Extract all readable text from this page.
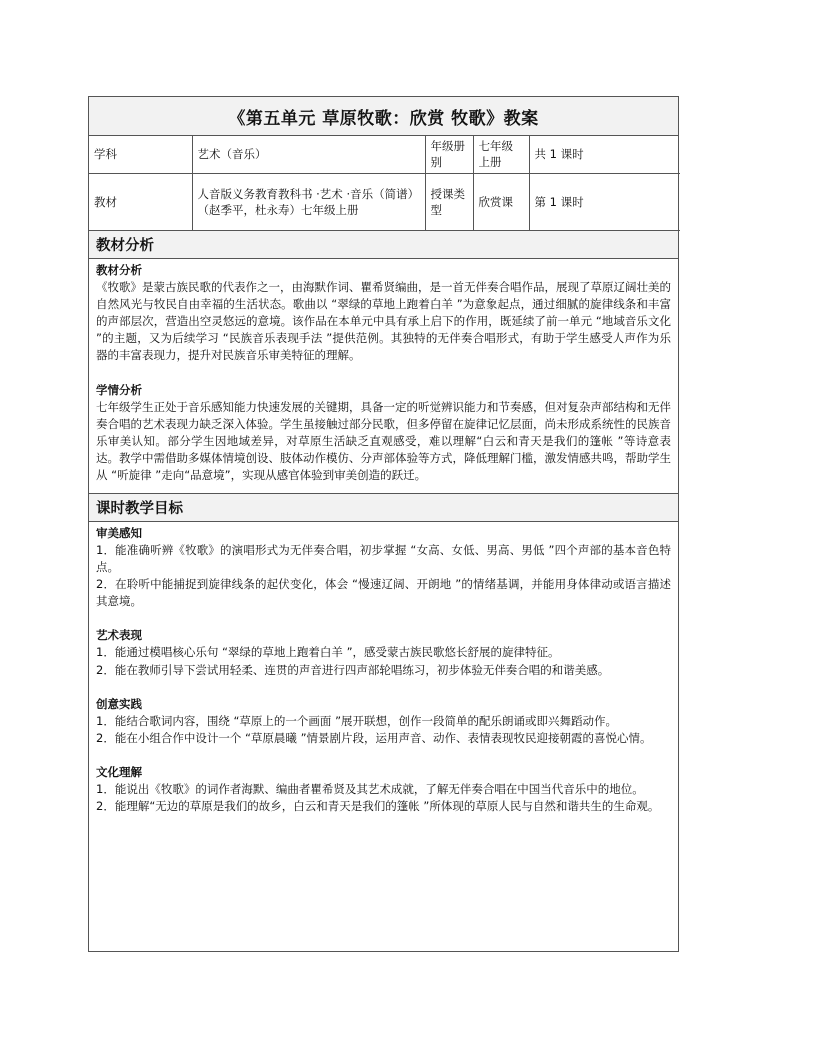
《第五单元 草原牧歌：欣赏 牧歌》教案
学科	艺术（音乐）	年级册别	七年级上册	共 1 课时
教材	人音版义务教育教科书 ·艺术 ·音乐（简谱）（赵季平，杜永寿）七年级上册	授课类型	欣赏课	第 1 课时
教材分析

教材分析

《牧歌》是蒙古族民歌的代表作之一，由海默作词、瞿希贤编曲，是一首无伴奏合唱作品，展现了草原辽阔壮美的自然风光与牧民自由幸福的生活状态。歌曲以 “翠绿的草地上跑着白羊 ”为意象起点，通过细腻的旋律线条和丰富的声部层次，营造出空灵悠远的意境。该作品在本单元中具有承上启下的作用，既延续了前一单元 “地域音乐文化 ”的主题，又为后续学习 “民族音乐表现手法 ”提供范例。其独特的无伴奏合唱形式，有助于学生感受人声作为乐器的丰富表现力，提升对民族音乐审美特征的理解。

学情分析

七年级学生正处于音乐感知能力快速发展的关键期，具备一定的听觉辨识能力和节奏感，但对复杂声部结构和无伴奏合唱的艺术表现力缺乏深入体验。学生虽接触过部分民歌，但多停留在旋律记忆层面，尚未形成系统性的民族音乐审美认知。部分学生因地域差异，对草原生活缺乏直观感受，难以理解“白云和青天是我们的篷帐 ”等诗意表达。教学中需借助多媒体情境创设、肢体动作模仿、分声部体验等方式，降低理解门槛，激发情感共鸣，帮助学生从 “听旋律 ”走向“品意境”，实现从感官体验到审美创造的跃迁。

课时教学目标

审美感知

1．能准确听辨《牧歌》的演唱形式为无伴奏合唱，初步掌握 “女高、女低、男高、男低 ”四个声部的基本音色特点。

2．在聆听中能捕捉到旋律线条的起伏变化，体会 “慢速辽阔、开朗地 ”的情绪基调，并能用身体律动或语言描述其意境。

艺术表现

1．能通过模唱核心乐句 “翠绿的草地上跑着白羊 ”，感受蒙古族民歌悠长舒展的旋律特征。

2．能在教师引导下尝试用轻柔、连贯的声音进行四声部轮唱练习，初步体验无伴奏合唱的和谐美感。

创意实践

1．能结合歌词内容，围绕 “草原上的一个画面 ”展开联想，创作一段简单的配乐朗诵或即兴舞蹈动作。

2．能在小组合作中设计一个 “草原晨曦 ”情景剧片段，运用声音、动作、表情表现牧民迎接朝霞的喜悦心情。

文化理解

1．能说出《牧歌》的词作者海默、编曲者瞿希贤及其艺术成就，了解无伴奏合唱在中国当代音乐中的地位。

2．能理解“无边的草原是我们的故乡，白云和青天是我们的篷帐 ”所体现的草原人民与自然和谐共生的生命观。
